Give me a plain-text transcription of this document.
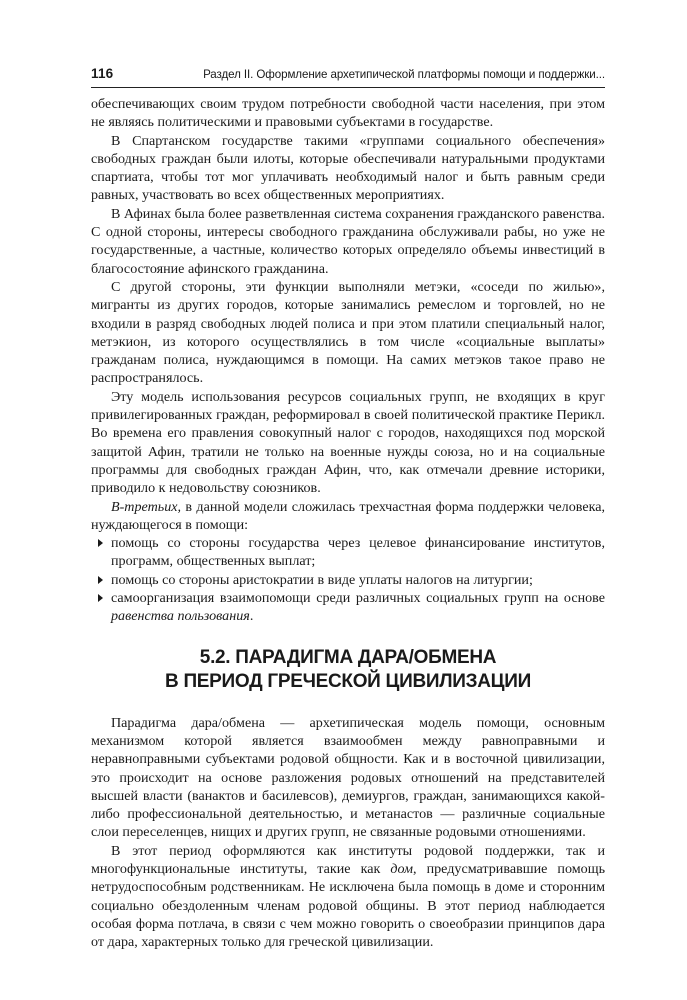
116	Раздел II. Оформление архетипической платформы помощи и поддержки...

обеспечивающих своим трудом потребности свободной части населения, при этом не являясь политическими и правовыми субъектами в государстве.

В Спартанском государстве такими «группами социального обеспечения» свободных граждан были илоты, которые обеспечивали натуральными продуктами спартиата, чтобы тот мог уплачивать необходимый налог и быть равным среди равных, участвовать во всех общественных мероприятиях.

В Афинах была более разветвленная система сохранения гражданского равенства. С одной стороны, интересы свободного гражданина обслуживали рабы, но уже не государственные, а частные, количество которых определяло объемы инвестиций в благосостояние афинского гражданина.

С другой стороны, эти функции выполняли метэки, «соседи по жилью», мигранты из других городов, которые занимались ремеслом и торговлей, но не входили в разряд свободных людей полиса и при этом платили специальный налог, метэкион, из которого осуществлялись в том числе «социальные выплаты» гражданам полиса, нуждающимся в помощи. На самих метэков такое право не распространялось.

Эту модель использования ресурсов социальных групп, не входящих в круг привилегированных граждан, реформировал в своей политической практике Перикл. Во времена его правления совокупный налог с городов, находящихся под морской защитой Афин, тратили не только на военные нужды союза, но и на социальные программы для свободных граждан Афин, что, как отмечали древние историки, приводило к недовольству союзников.

В-третьих, в данной модели сложилась трехчастная форма поддержки человека, нуждающегося в помощи:

помощь со стороны государства через целевое финансирование институтов, программ, общественных выплат;
помощь со стороны аристократии в виде уплаты налогов на литургии;
самоорганизация взаимопомощи среди различных социальных групп на основе равенства пользования.
5.2. ПАРАДИГМА ДАРА/ОБМЕНА
В ПЕРИОД ГРЕЧЕСКОЙ ЦИВИЛИЗАЦИИ

Парадигма дара/обмена — архетипическая модель помощи, основным механизмом которой является взаимообмен между равноправными и неравноправными субъектами родовой общности. Как и в восточной цивилизации, это происходит на основе разложения родовых отношений на представителей высшей власти (ванактов и басилевсов), демиургов, граждан, занимающихся какой-либо профессиональной деятельностью, и метанастов — различные социальные слои переселенцев, нищих и других групп, не связанные родовыми отношениями.

В этот период оформляются как институты родовой поддержки, так и многофункциональные институты, такие как дом, предусматривавшие помощь нетрудоспособным родственникам. Не исключена была помощь в доме и сторонним социально обездоленным членам родовой общины. В этот период наблюдается особая форма потлача, в связи с чем можно говорить о своеобразии принципов дара от дара, характерных только для греческой цивилизации.
